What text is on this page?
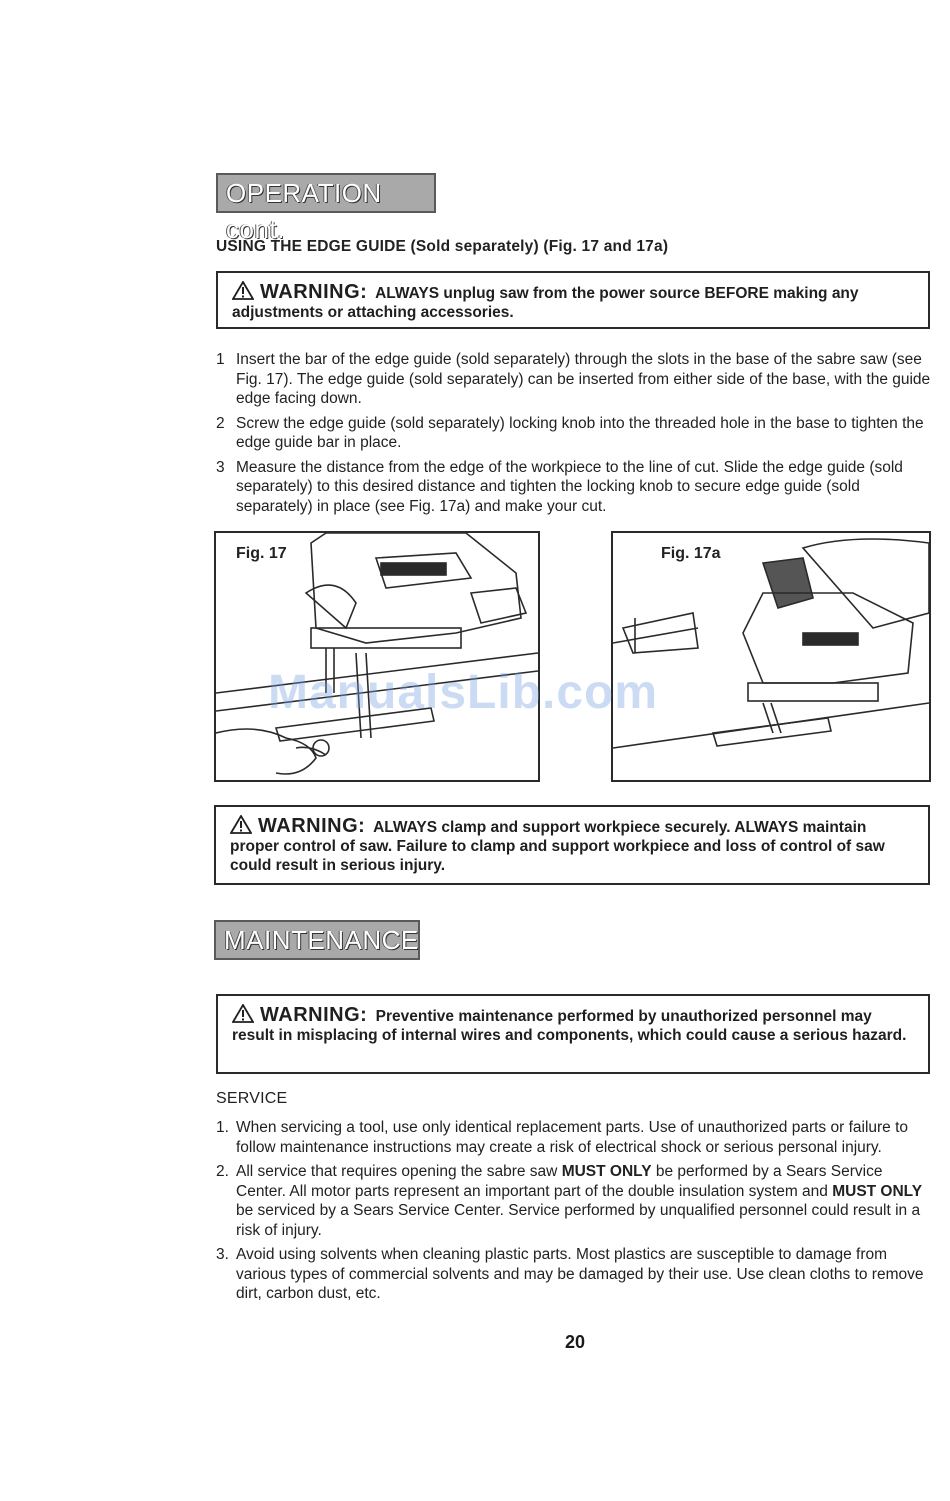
OPERATION cont.
USING THE EDGE GUIDE (Sold separately) (Fig. 17 and 17a)
WARNING: ALWAYS unplug saw from the power source BEFORE making any adjustments or attaching accessories.
1 Insert the bar of the edge guide (sold separately) through the slots in the base of the sabre saw (see Fig. 17). The edge guide (sold separately) can be inserted from either side of the base, with the guide edge facing down.
2 Screw the edge guide (sold separately) locking knob into the threaded hole in the base to tighten the edge guide bar in place.
3 Measure the distance from the edge of the workpiece to the line of cut. Slide the edge guide (sold separately) to this desired distance and tighten the locking knob to secure edge guide (sold separately) in place (see Fig. 17a) and make your cut.
Fig. 17	Fig. 17a
ManualsLib.com
WARNING: ALWAYS clamp and support workpiece securely. ALWAYS maintain proper control of saw. Failure to clamp and support workpiece and loss of control of saw could result in serious injury.
MAINTENANCE
WARNING: Preventive maintenance performed by unauthorized personnel may result in misplacing of internal wires and components, which could cause a serious hazard.
SERVICE
1. When servicing a tool, use only identical replacement parts. Use of unauthorized parts or failure to follow maintenance instructions may create a risk of electrical shock or serious personal injury.
2. All service that requires opening the sabre saw MUST ONLY be performed by a Sears Service Center. All motor parts represent an important part of the double insulation system and MUST ONLY be serviced by a Sears Service Center. Service performed by unqualified personnel could result in a risk of injury.
3. Avoid using solvents when cleaning plastic parts. Most plastics are susceptible to damage from various types of commercial solvents and may be damaged by their use. Use clean cloths to remove dirt, carbon dust, etc.
20
